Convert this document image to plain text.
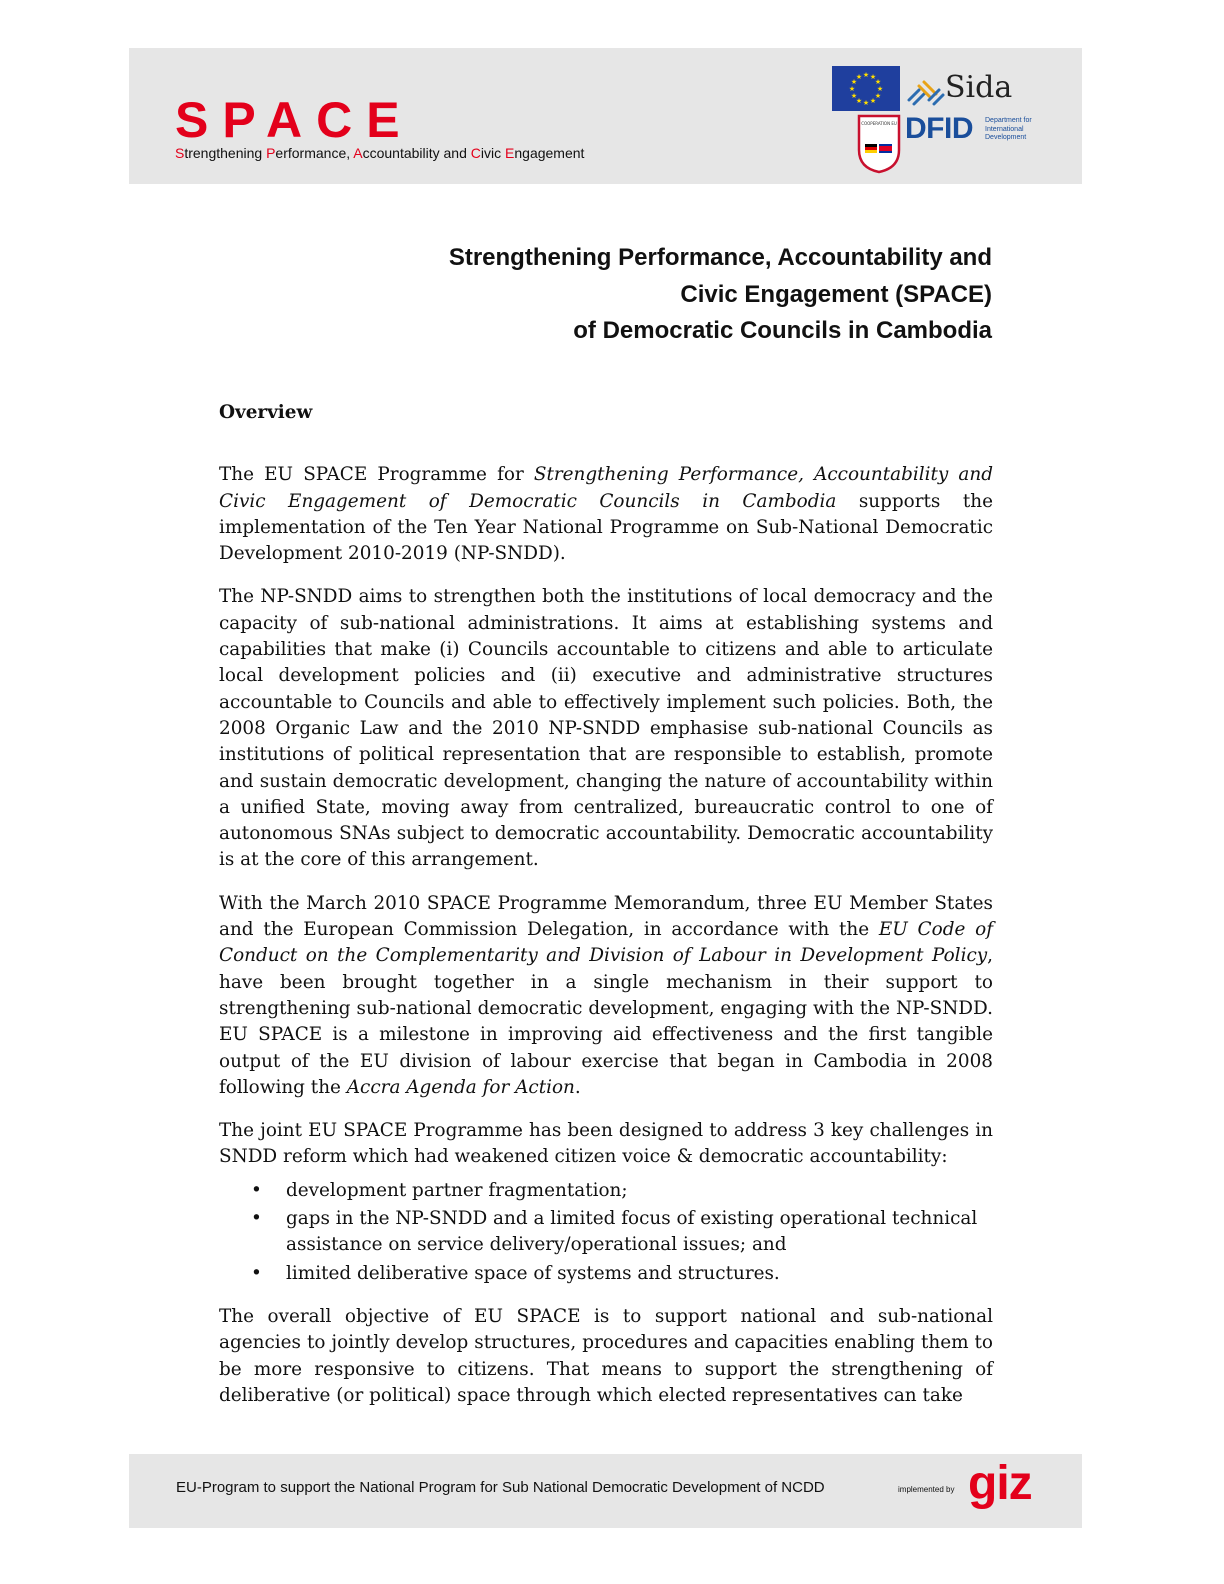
SPACE
Strengthening Performance, Accountability and Civic Engagement
★ ★
★
★
★
★
★
★
★
★
★
★	Sida
COOPERATION EU DFID Department for
International
Development
Strengthening Performance, Accountability and
Civic Engagement (SPACE)
of Democratic Councils in Cambodia
Overview

The EU SPACE Programme for Strengthening Performance, Accountability and Civic Engagement of Democratic Councils in Cambodia supports the implementation of the Ten Year National Programme on Sub-National Democratic Development 2010-2019 (NP-SNDD).

The NP-SNDD aims to strengthen both the institutions of local democracy and the capacity of sub-national administrations. It aims at establishing systems and capabilities that make (i) Councils accountable to citizens and able to articulate local development policies and (ii) executive and administrative structures accountable to Councils and able to effectively implement such policies. Both, the 2008 Organic Law and the 2010 NP-SNDD emphasise sub-national Councils as institutions of political representation that are responsible to establish, promote and sustain democratic development, changing the nature of accountability within a unified State, moving away from centralized, bureaucratic control to one of autonomous SNAs subject to democratic accountability. Democratic accountability is at the core of this arrangement.

With the March 2010 SPACE Programme Memorandum, three EU Member States and the European Commission Delegation, in accordance with the EU Code of Conduct on the Complementarity and Division of Labour in Development Policy, have been brought together in a single mechanism in their support to strengthening sub-national democratic development, engaging with the NP-SNDD. EU SPACE is a milestone in improving aid effectiveness and the first tangible output of the EU division of labour exercise that began in Cambodia in 2008 following the Accra Agenda for Action.

The joint EU SPACE Programme has been designed to address 3 key challenges in SNDD reform which had weakened citizen voice & democratic accountability:

• development partner fragmentation;
• gaps in the NP-SNDD and a limited focus of existing operational technical assistance on service delivery/operational issues; and
• limited deliberative space of systems and structures.

The overall objective of EU SPACE is to support national and sub-national agencies to jointly develop structures, procedures and capacities enabling them to be more responsive to citizens. That means to support the strengthening of deliberative (or political) space through which elected representatives can take

EU-Program to support the National Program for Sub National Democratic Development of NCDD	implemented by giz
